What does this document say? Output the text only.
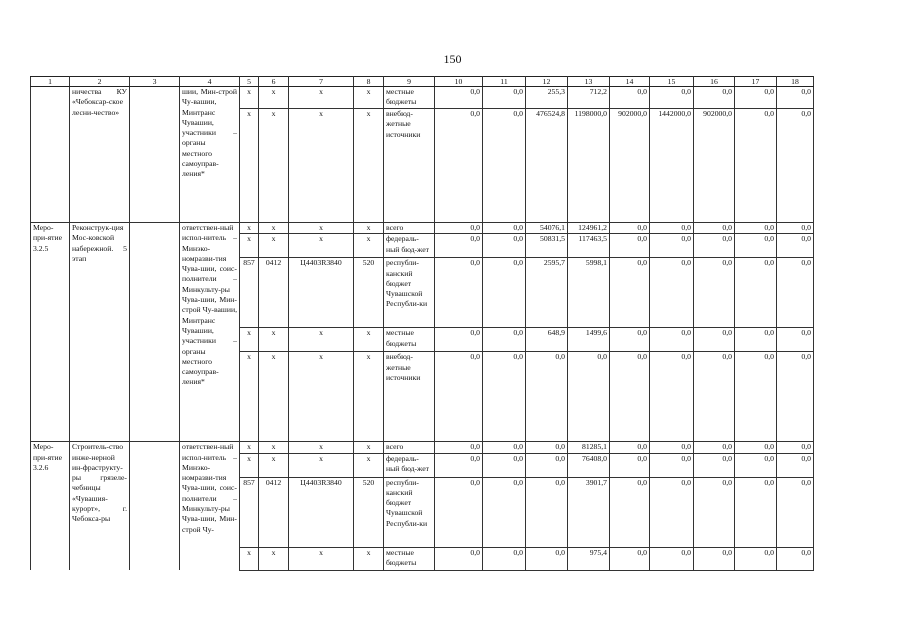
150
1	2	3	4	5	6	7	8	9	10	11	12	13	14	15	16	17	18
	ничества КУ «Чебоксар-ское лесни-чество»		шии, Мин-строй Чу-вашии, Минтранс Чувашии, участники – органы местного самоуправ-ления*	x	x	x	x	местные бюджеты	0,0	0,0	255,3	712,2	0,0	0,0	0,0	0,0	0,0
				x	x	x	x	внебюд-жетные источники	0,0	0,0	476524,8	1198000,0	902000,0	1442000,0	902000,0	0,0	0,0
Меро-при-ятие 3.2.5	Реконструк-ция Мос-ковской набережной. 5 этап		ответствен-ный испол-нитель – Минэко-номразви-тия Чува-шии, соис-полнители – Минкульту-ры Чува-шии, Мин-строй Чу-вашии, Минтранс Чувашии, участники – органы местного самоуправ-ления*	x	x	x	x	всего	0,0	0,0	54076,1	124961,2	0,0	0,0	0,0	0,0	0,0
				x	x	x	x	федераль-ный бюд-жет	0,0	0,0	50831,5	117463,5	0,0	0,0	0,0	0,0	0,0
				857	0412	Ц4403R3840	520	республи-канский бюджет Чувашской Республи-ки	0,0	0,0	2595,7	5998,1	0,0	0,0	0,0	0,0	0,0
				x	x	x	x	местные бюджеты	0,0	0,0	648,9	1499,6	0,0	0,0	0,0	0,0	0,0
				x	x	x	x	внебюд-жетные источники	0,0	0,0	0,0	0,0	0,0	0,0	0,0	0,0	0,0
Меро-при-ятие 3.2.6	Строитель-ство инже-нерной ин-фраструкту-ры грязеле-чебницы «Чувашия-курорт», г. Чебокса-ры		ответствен-ный испол-нитель – Минэко-номразви-тия Чува-шии, соис-полнители – Минкульту-ры Чува-шии, Мин-строй Чу-	x	x	x	x	всего	0,0	0,0	0,0	81285,1	0,0	0,0	0,0	0,0	0,0
				x	x	x	x	федераль-ный бюд-жет	0,0	0,0	0,0	76408,0	0,0	0,0	0,0	0,0	0,0
				857	0412	Ц4403R3840	520	республи-канский бюджет Чувашской Республи-ки	0,0	0,0	0,0	3901,7	0,0	0,0	0,0	0,0	0,0
				x	x	x	x	местные бюджеты	0,0	0,0	0,0	975,4	0,0	0,0	0,0	0,0	0,0
